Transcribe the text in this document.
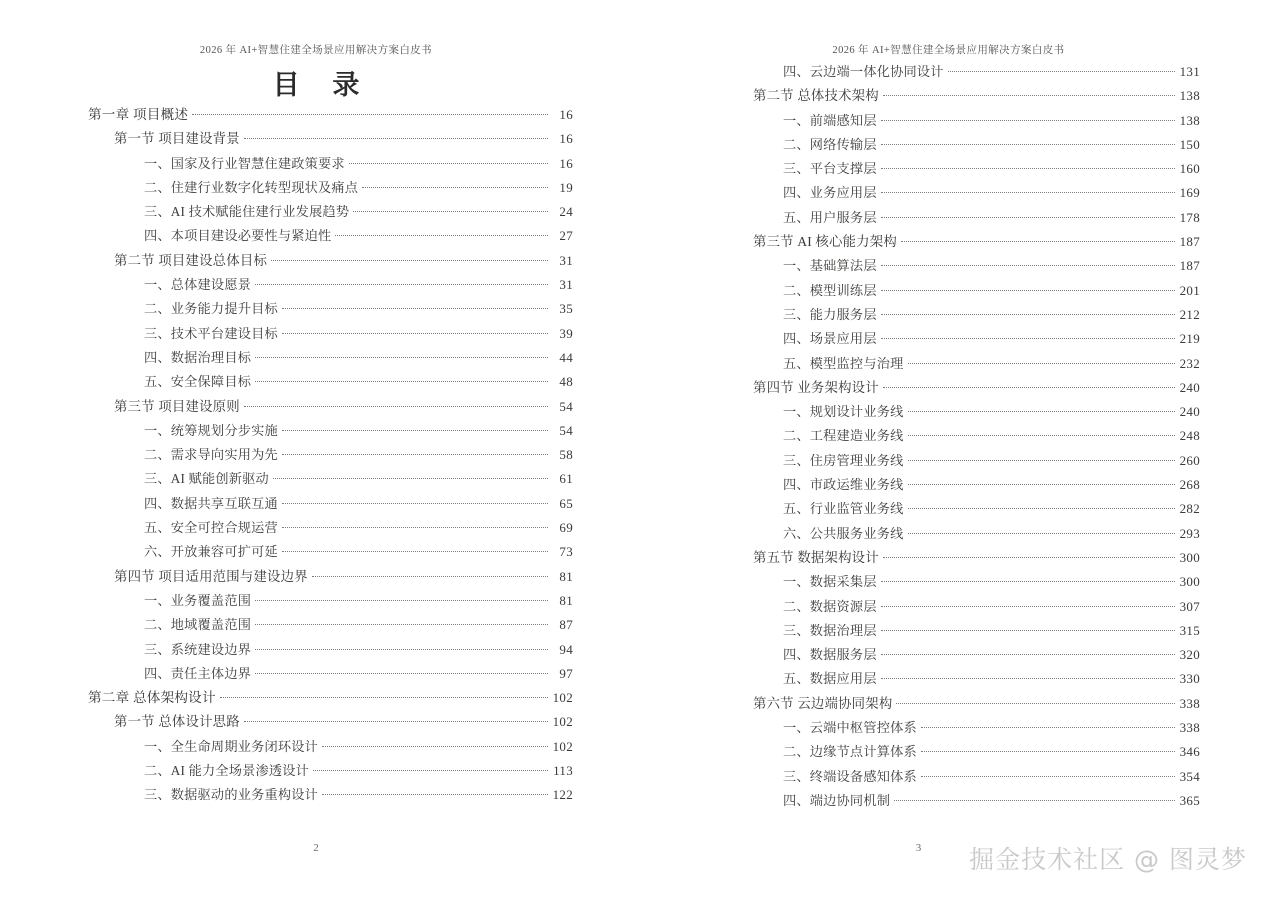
2026 年 AI+智慧住建全场景应用解决方案白皮书
目 录
第一章 项目概述	16
第一节 项目建设背景	16
一、国家及行业智慧住建政策要求	16
二、住建行业数字化转型现状及痛点	19
三、AI 技术赋能住建行业发展趋势	24
四、本项目建设必要性与紧迫性	27
第二节 项目建设总体目标	31
一、总体建设愿景	31
二、业务能力提升目标	35
三、技术平台建设目标	39
四、数据治理目标	44
五、安全保障目标	48
第三节 项目建设原则	54
一、统筹规划分步实施	54
二、需求导向实用为先	58
三、AI 赋能创新驱动	61
四、数据共享互联互通	65
五、安全可控合规运营	69
六、开放兼容可扩可延	73
第四节 项目适用范围与建设边界	81
一、业务覆盖范围	81
二、地域覆盖范围	87
三、系统建设边界	94
四、责任主体边界	97
第二章 总体架构设计	102
第一节 总体设计思路	102
一、全生命周期业务闭环设计	102
二、AI 能力全场景渗透设计	113
三、数据驱动的业务重构设计	122
2
2026 年 AI+智慧住建全场景应用解决方案白皮书
四、云边端一体化协同设计	131
第二节 总体技术架构	138
一、前端感知层	138
二、网络传输层	150
三、平台支撑层	160
四、业务应用层	169
五、用户服务层	178
第三节 AI 核心能力架构	187
一、基础算法层	187
二、模型训练层	201
三、能力服务层	212
四、场景应用层	219
五、模型监控与治理	232
第四节 业务架构设计	240
一、规划设计业务线	240
二、工程建造业务线	248
三、住房管理业务线	260
四、市政运维业务线	268
五、行业监管业务线	282
六、公共服务业务线	293
第五节 数据架构设计	300
一、数据采集层	300
二、数据资源层	307
三、数据治理层	315
四、数据服务层	320
五、数据应用层	330
第六节 云边端协同架构	338
一、云端中枢管控体系	338
二、边缘节点计算体系	346
三、终端设备感知体系	354
四、端边协同机制	365
3	掘金技术社区 @ 图灵梦
